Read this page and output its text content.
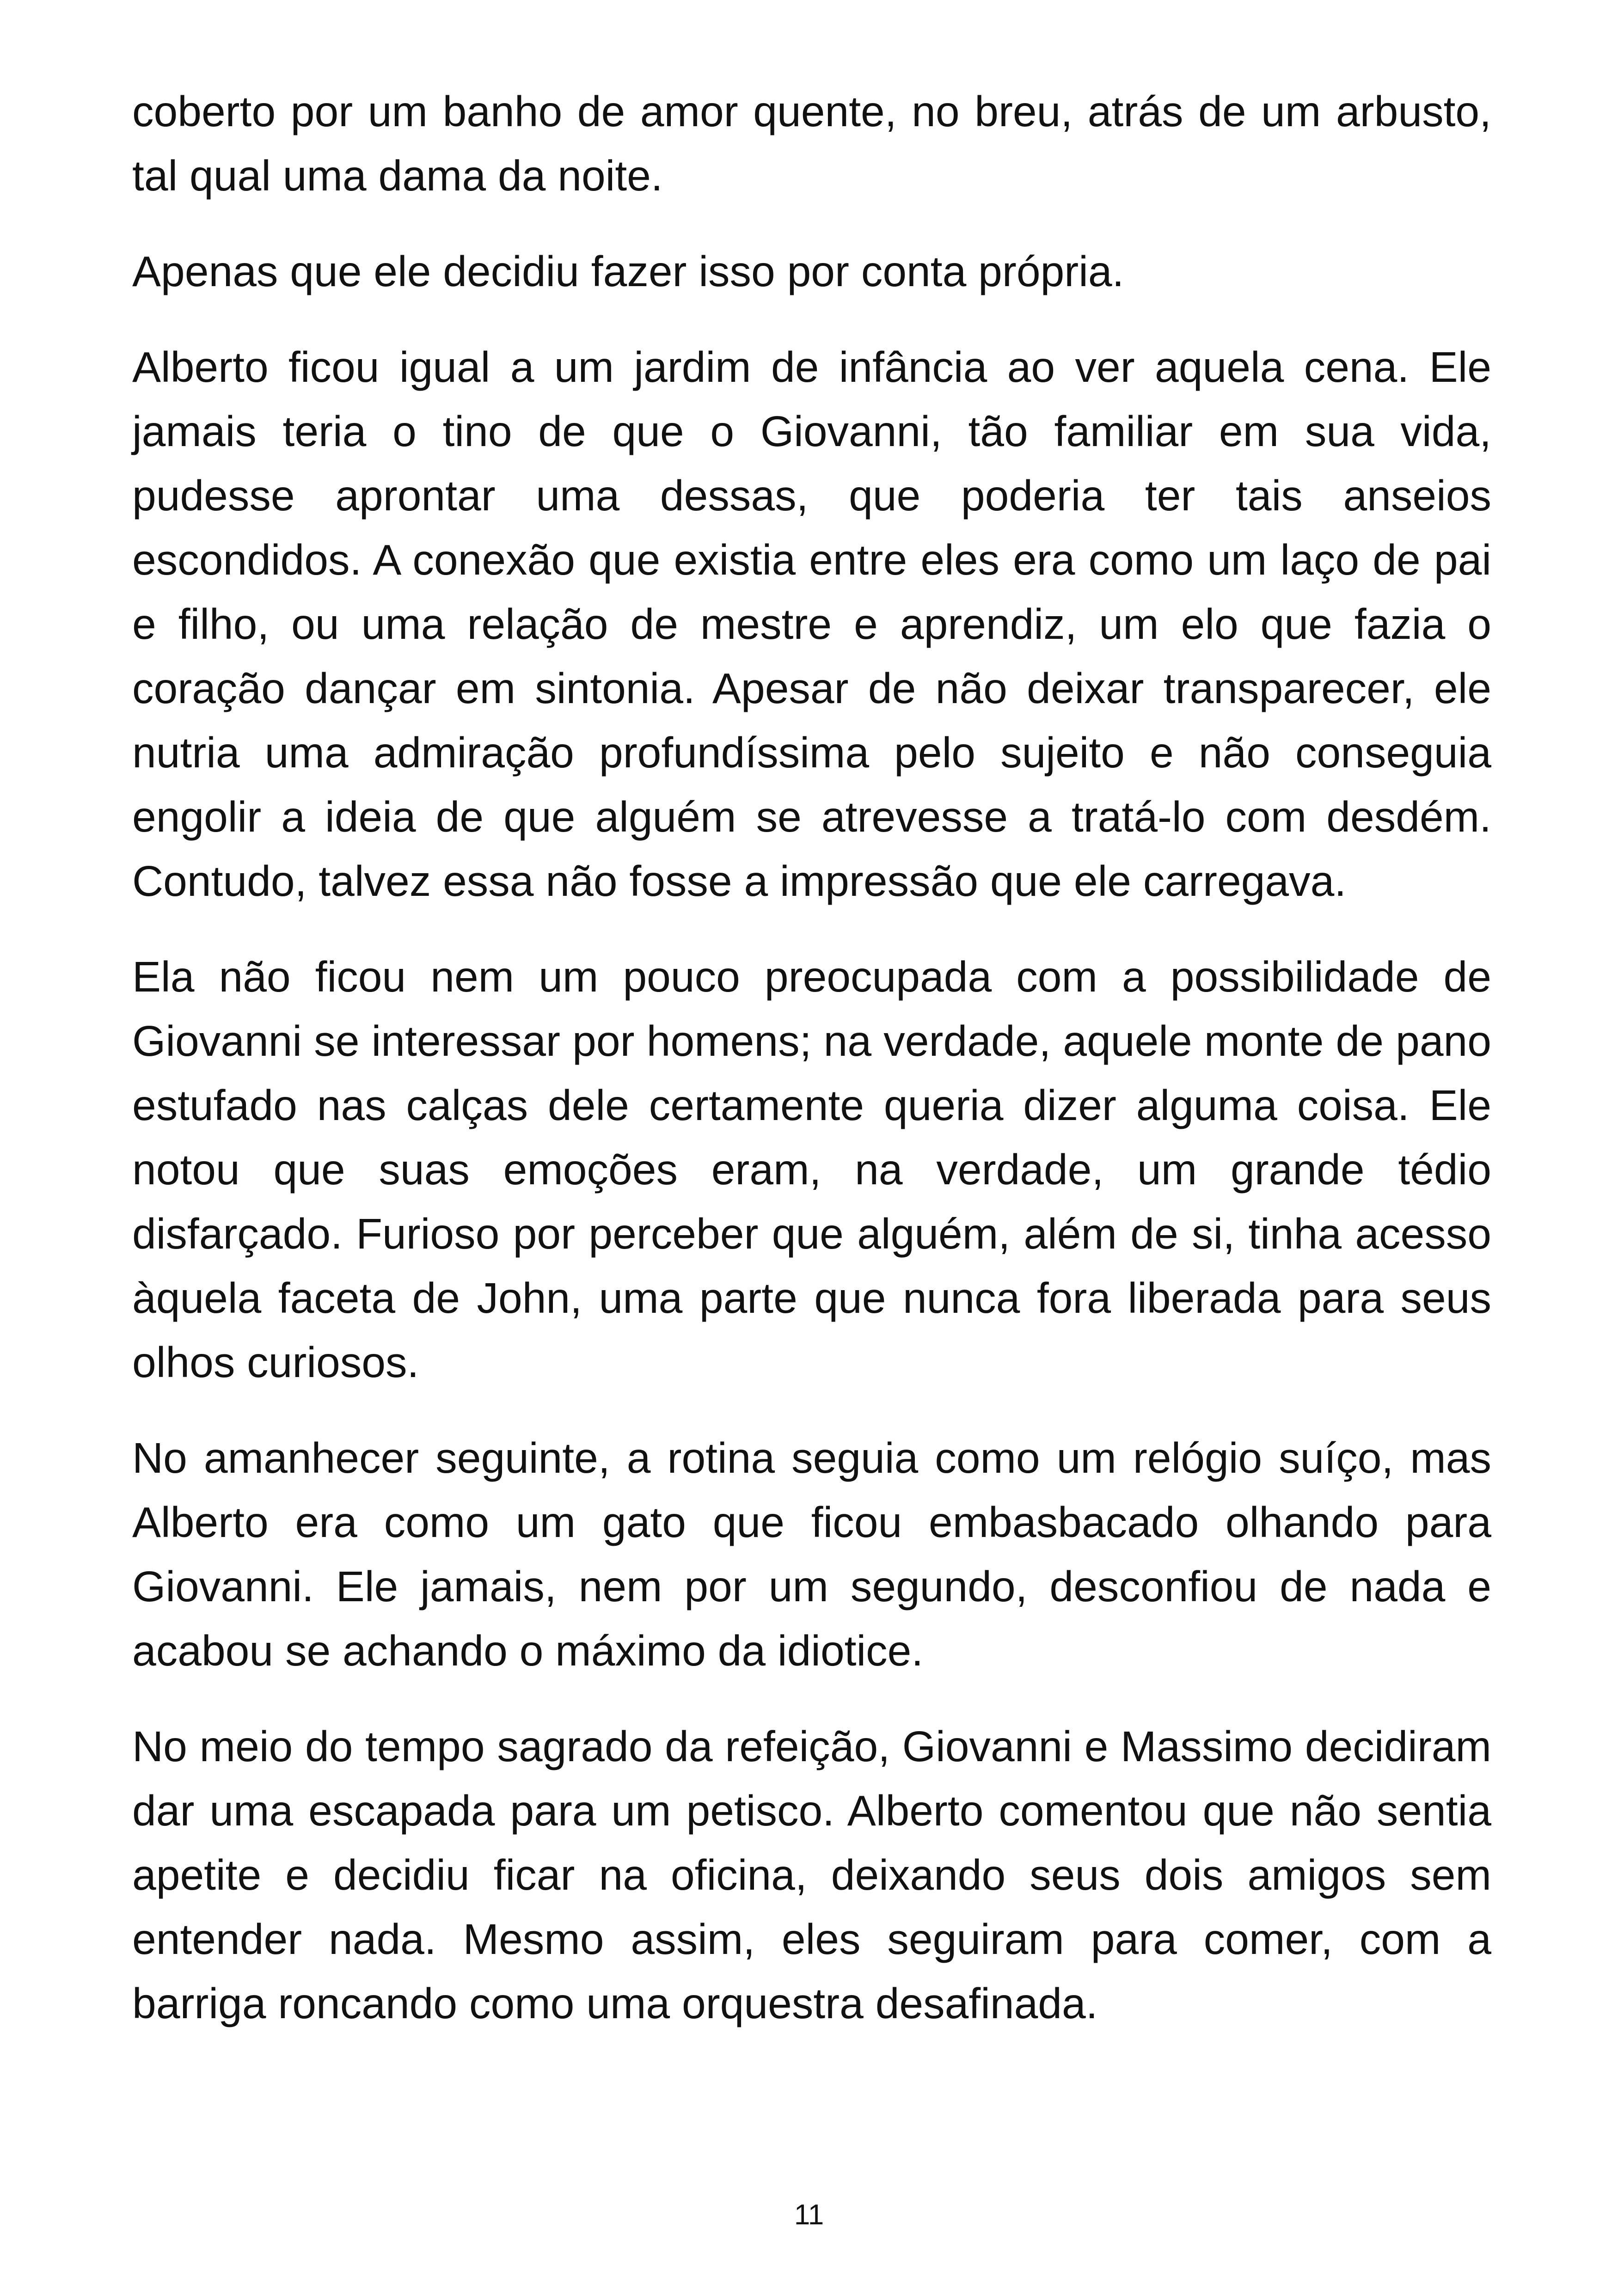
coberto por um banho de amor quente, no breu, atrás de um arbusto, tal qual uma dama da noite.

Apenas que ele decidiu fazer isso por conta própria.

Alberto ficou igual a um jardim de infância ao ver aquela cena. Ele jamais teria o tino de que o Giovanni, tão familiar em sua vida, pudesse aprontar uma dessas, que poderia ter tais anseios escondidos. A conexão que existia entre eles era como um laço de pai e filho, ou uma relação de mestre e aprendiz, um elo que fazia o coração dançar em sintonia. Apesar de não deixar transparecer, ele nutria uma admiração profundíssima pelo sujeito e não conseguia engolir a ideia de que alguém se atrevesse a tratá-lo com desdém. Contudo, talvez essa não fosse a impressão que ele carregava.

Ela não ficou nem um pouco preocupada com a possibilidade de Giovanni se interessar por homens; na verdade, aquele monte de pano estufado nas calças dele certamente queria dizer alguma coisa. Ele notou que suas emoções eram, na verdade, um grande tédio disfarçado. Furioso por perceber que alguém, além de si, tinha acesso àquela faceta de John, uma parte que nunca fora liberada para seus olhos curiosos.

No amanhecer seguinte, a rotina seguia como um relógio suíço, mas Alberto era como um gato que ficou embasbacado olhando para Giovanni. Ele jamais, nem por um segundo, desconfiou de nada e acabou se achando o máximo da idiotice.

No meio do tempo sagrado da refeição, Giovanni e Massimo decidiram dar uma escapada para um petisco. Alberto comentou que não sentia apetite e decidiu ficar na oficina, deixando seus dois amigos sem entender nada. Mesmo assim, eles seguiram para comer, com a barriga roncando como uma orquestra desafinada.

11
